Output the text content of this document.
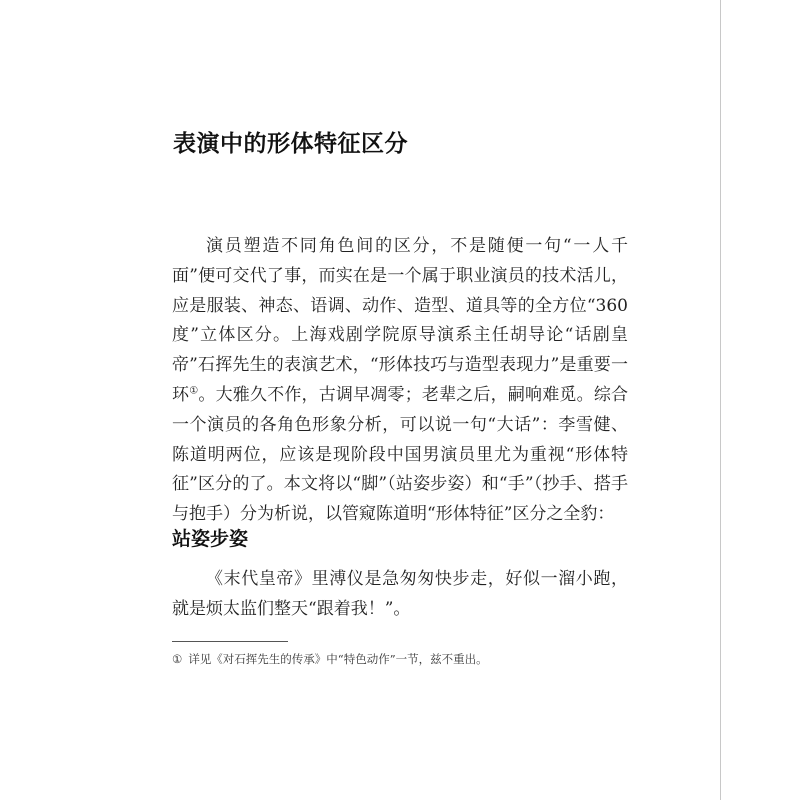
表演中的形体特征区分

演员塑造不同角色间的区分，不是随便一句“一人千面”便可交代了事，而实在是一个属于职业演员的技术活儿，应是服装、神态、语调、动作、造型、道具等的全方位“360度”立体区分。上海戏剧学院原导演系主任胡导论“话剧皇帝”石挥先生的表演艺术，“形体技巧与造型表现力”是重要一环①。大雅久不作，古调早凋零；老辈之后，嗣响难觅。综合一个演员的各角色形象分析，可以说一句“大话”：李雪健、陈道明两位，应该是现阶段中国男演员里尤为重视“形体特征”区分的了。本文将以“脚”（站姿步姿）和“手”（抄手、搭手与抱手）分为析说，以管窥陈道明“形体特征”区分之全豹：

站姿步姿

《末代皇帝》里溥仪是急匆匆快步走，好似一溜小跑，就是烦太监们整天“跟着我！”。

① 详见《对石挥先生的传承》中“特色动作”一节，兹不重出。
